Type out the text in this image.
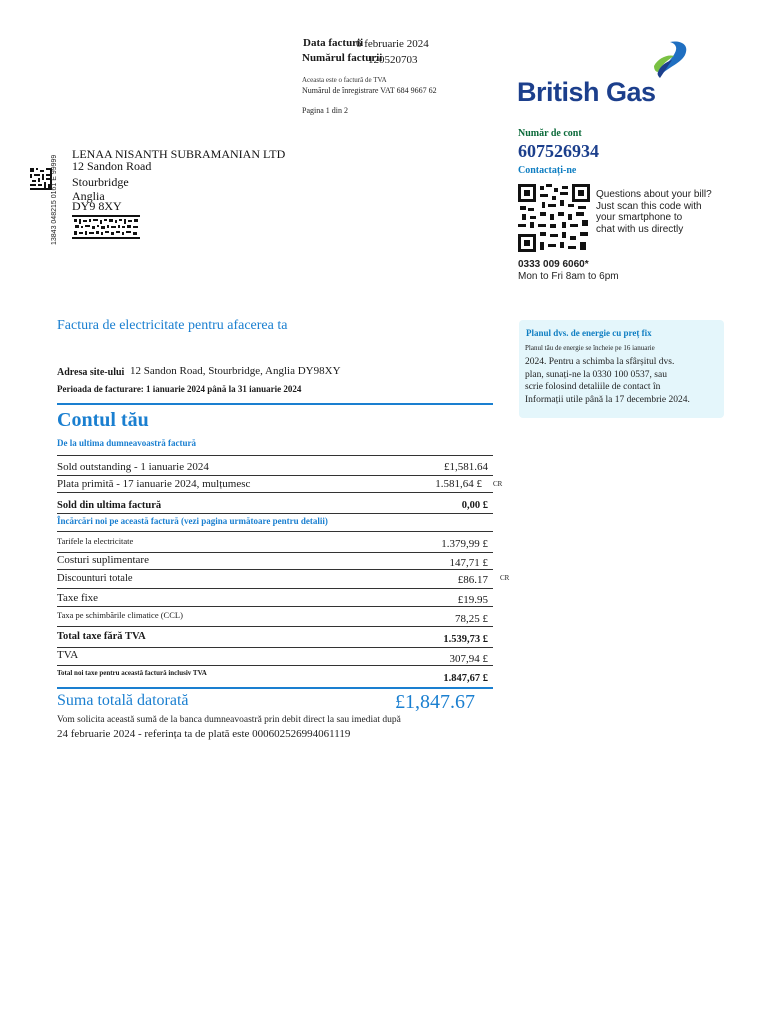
Data facturii
6 februarie 2024
Numărul facturii
120520703
Aceasta este o factură de TVA
Numărul de înregistrare VAT 684 9667 62
Pagina 1 din 2
British Gas
13843 048215 0161 E 99999
LENAA NISANTH SUBRAMANIAN LTD
12 Sandon Road
Stourbridge
Anglia
DY9 8XY
Număr de cont
607526934
Contactați-ne
Questions about your bill?
Just scan this code with
your smartphone to
chat with us directly
0333 009 6060*
Mon to Fri 8am to 6pm
Planul dvs. de energie cu preț fix
Planul tău de energie se încheie pe 16 ianuarie
2024. Pentru a schimba la sfârșitul dvs.
plan, sunați-ne la 0330 100 0537, sau
scrie folosind detaliile de contact în
Informații utile până la 17 decembrie 2024.
Factura de electricitate pentru afacerea ta
Adresa site-ului 12 Sandon Road, Stourbridge, Anglia DY98XY
Perioada de facturare: 1 ianuarie 2024 până la 31 ianuarie 2024
Contul tău
De la ultima dumneavoastră factură
Sold outstanding - 1 ianuarie 2024	£1,581.64
Plata primită - 17 ianuarie 2024, mulțumesc	1.581,64 £ CR
Sold din ultima factură	0,00 £
Încărcări noi pe această factură (vezi pagina următoare pentru detalii)
Tarifele la electricitate	1.379,99 £
Costuri suplimentare	147,71 £
Discounturi totale	£86.17 CR
Taxe fixe	£19.95
Taxa pe schimbările climatice (CCL)	78,25 £
Total taxe fără TVA	1.539,73 £
TVA	307,94 £
Total noi taxe pentru această factură inclusiv TVA	1.847,67 £
Suma totală datorată	£1,847.67
Vom solicita această sumă de la banca dumneavoastră prin debit direct la sau imediat după
24 februarie 2024 - referința ta de plată este 000602526994061119
